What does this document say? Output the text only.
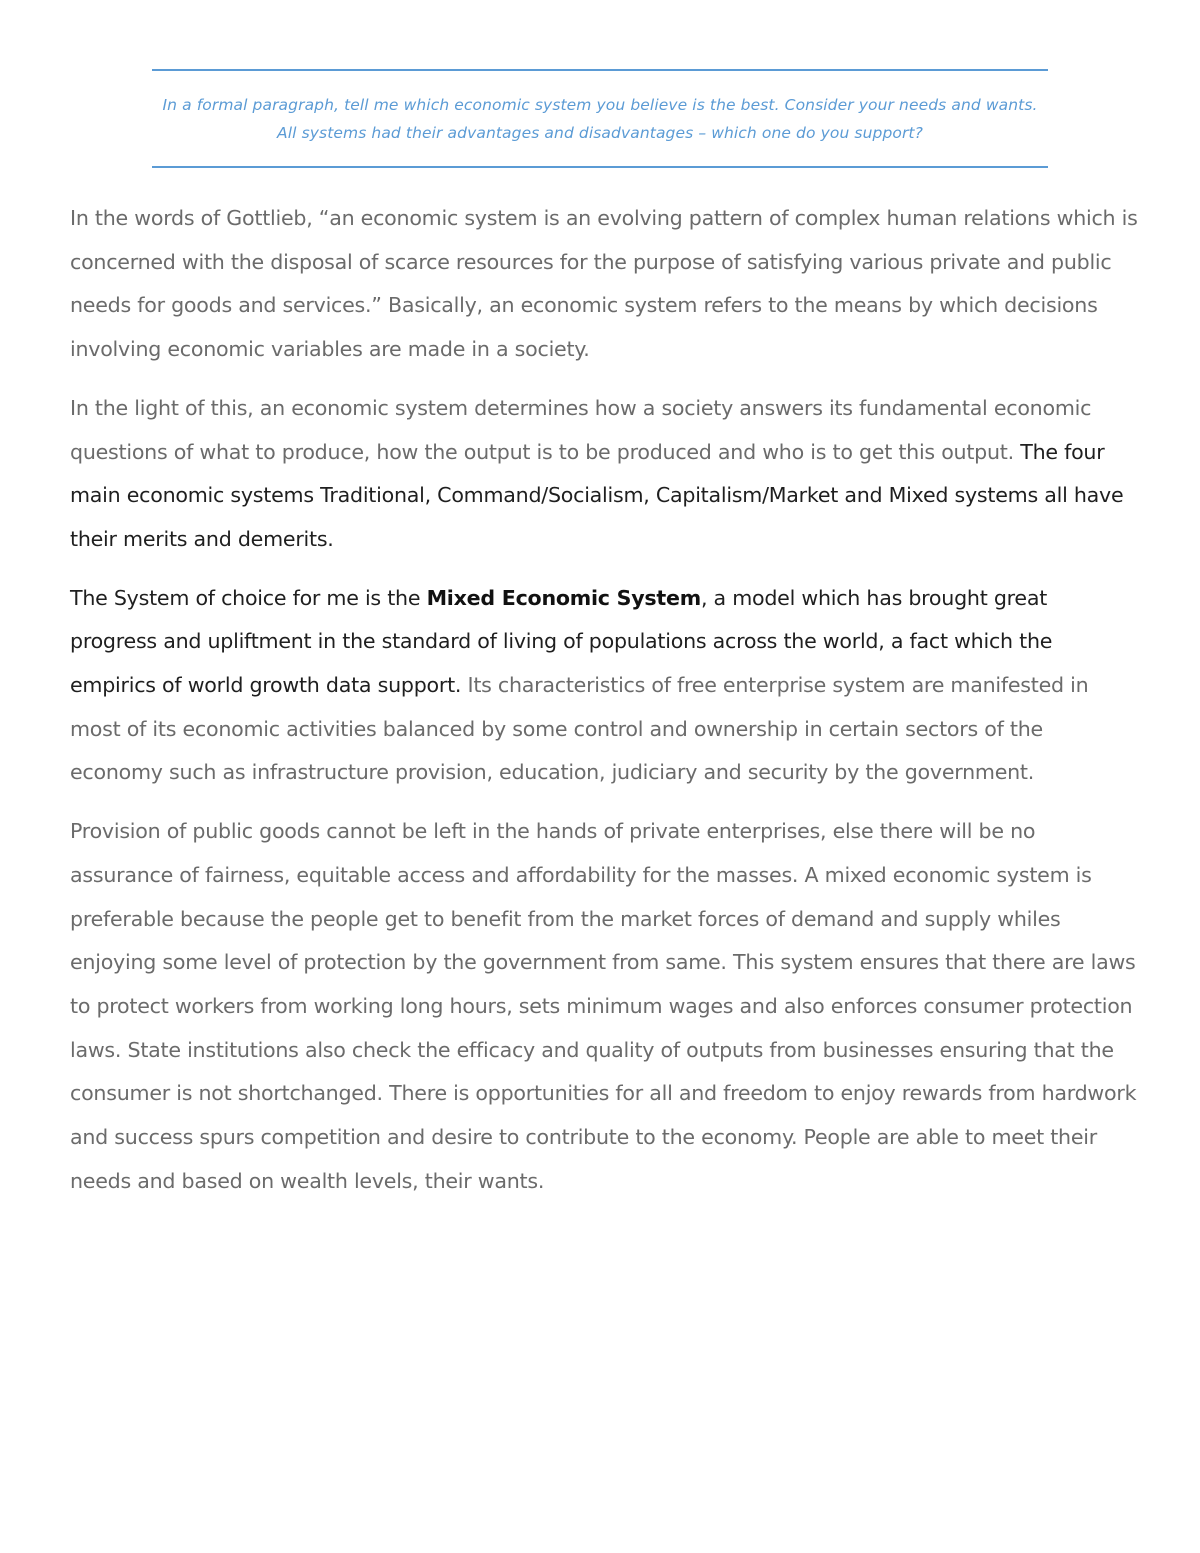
In a formal paragraph, tell me which economic system you believe is the best. Consider your needs and wants. All systems had their advantages and disadvantages – which one do you support?

In the words of Gottlieb, “an economic system is an evolving pattern of complex human relations which is concerned with the disposal of scarce resources for the purpose of satisfying various private and public needs for goods and services.” Basically, an economic system refers to the means by which decisions involving economic variables are made in a society.

In the light of this, an economic system determines how a society answers its fundamental economic questions of what to produce, how the output is to be produced and who is to get this output. The four main economic systems Traditional, Command/Socialism, Capitalism/Market and Mixed systems all have their merits and demerits.

The System of choice for me is the Mixed Economic System, a model which has brought great progress and upliftment in the standard of living of populations across the world, a fact which the empirics of world growth data support. Its characteristics of free enterprise system are manifested in most of its economic activities balanced by some control and ownership in certain sectors of the economy such as infrastructure provision, education, judiciary and security by the government.

Provision of public goods cannot be left in the hands of private enterprises, else there will be no assurance of fairness, equitable access and affordability for the masses. A mixed economic system is preferable because the people get to benefit from the market forces of demand and supply whiles enjoying some level of protection by the government from same. This system ensures that there are laws to protect workers from working long hours, sets minimum wages and also enforces consumer protection laws. State institutions also check the efficacy and quality of outputs from businesses ensuring that the consumer is not shortchanged. There is opportunities for all and freedom to enjoy rewards from hardwork and success spurs competition and desire to contribute to the economy. People are able to meet their needs and based on wealth levels, their wants.
